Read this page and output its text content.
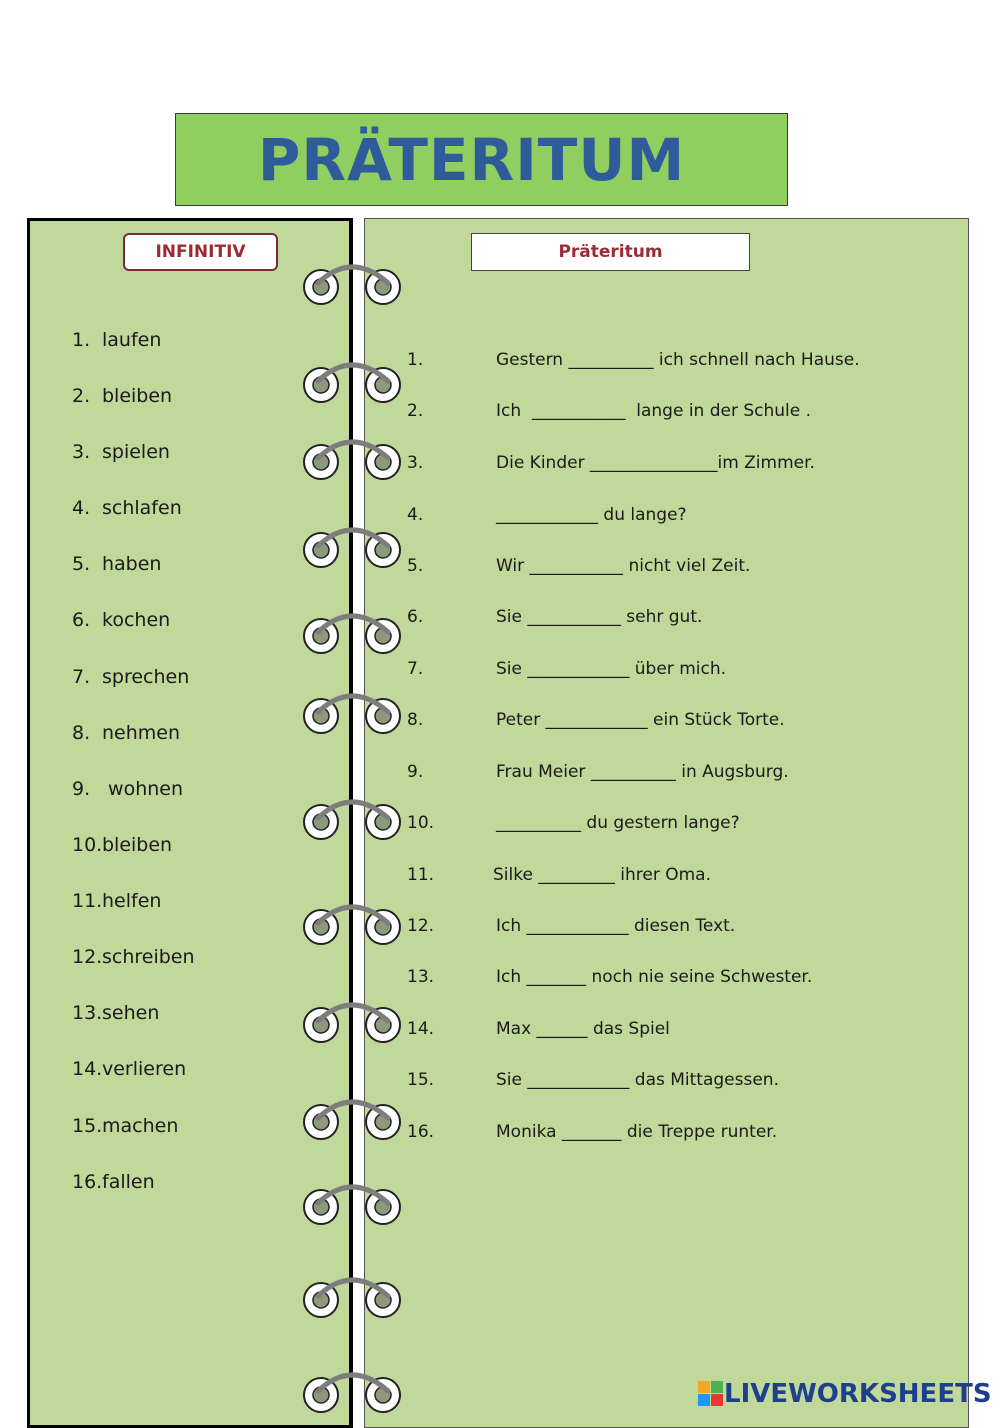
PRÄTERITUM
INFINITIV	Präteritum
1. laufen
2. bleiben
3. spielen
4. schlafen
5. haben
6. kochen
7. sprechen
8. nehmen
9. wohnen
10.bleiben
11.helfen
12.schreiben
13.sehen
14.verlieren
15.machen
16.fallen
1.	Gestern __________ ich schnell nach Hause.
2.	Ich  ___________  lange in der Schule .
3.	Die Kinder _______________im Zimmer.
4.	____________ du lange?
5.	Wir ___________ nicht viel Zeit.
6.	Sie ___________ sehr gut.
7.	Sie ____________ über mich.
8.	Peter ____________ ein Stück Torte.
9.	Frau Meier __________ in Augsburg.
10.	__________ du gestern lange?
11.	Silke _________ ihrer Oma.
12.	Ich ____________ diesen Text.
13.	Ich _______ noch nie seine Schwester.
14.	Max ______ das Spiel
15.	Sie ____________ das Mittagessen.
16.	Monika _______ die Treppe runter.
LIVEWORKSHEETS
